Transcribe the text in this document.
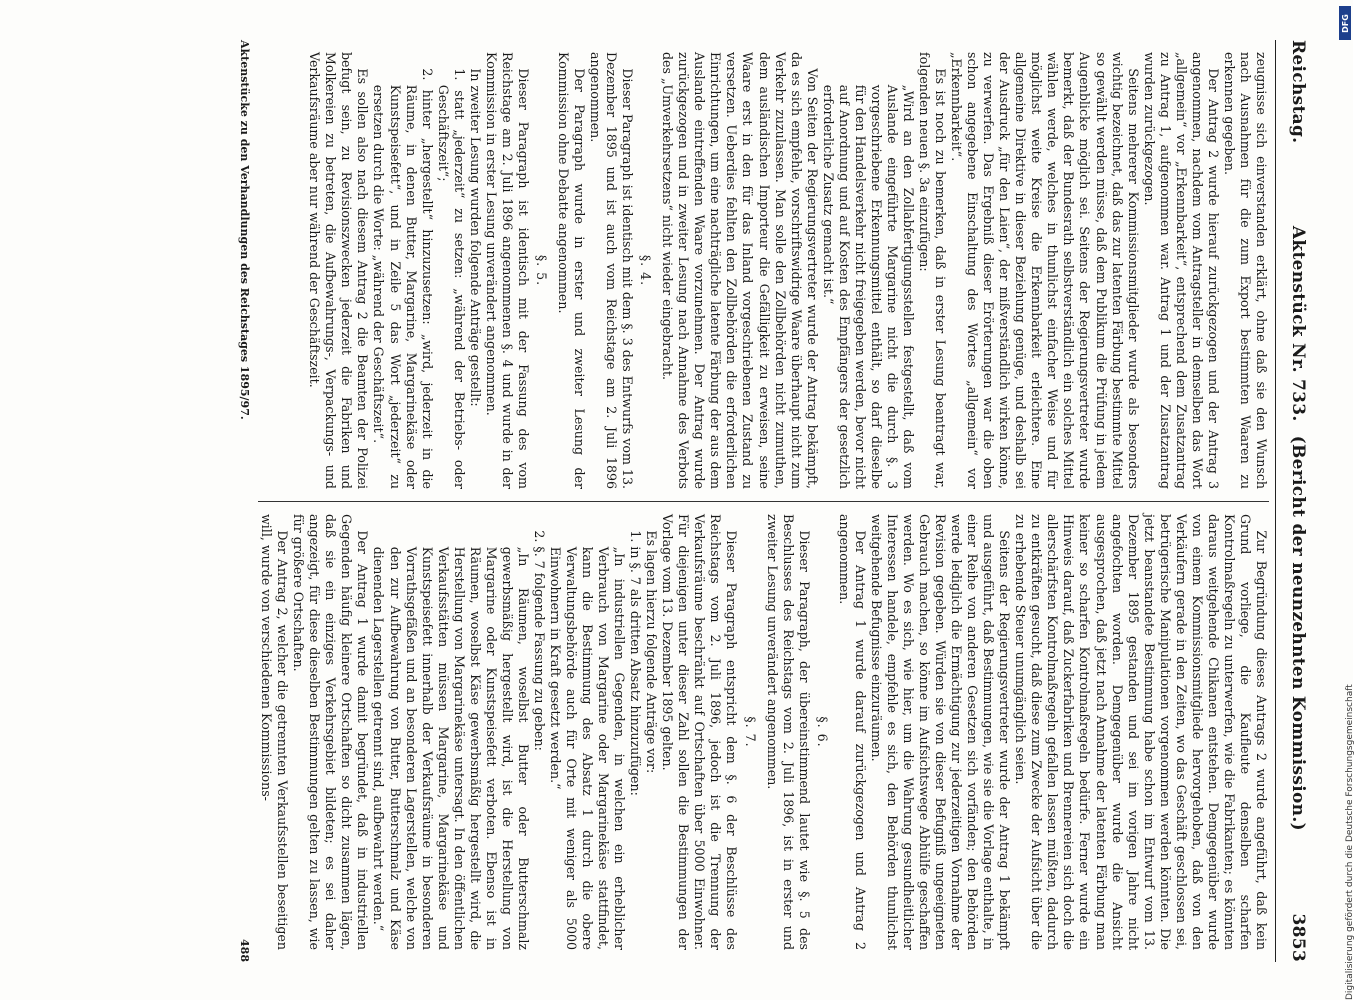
Reichstag.
Aktenstück Nr. 733.
(Bericht der neunzehnten Kommission.)
3853

zeugnisse sich einverstanden erklärt, ohne daß sie den Wunsch nach Ausnahmen für die zum Export bestimmten Waaren zu erkennen gegeben.

Der Antrag 2 wurde hierauf zurückgezogen und der Antrag 3 angenommen, nachdem vom Antragsteller in demselben das Wort „allgemein“ vor „Erkennbarkeit“, entsprechend dem Zusatzantrag zu Antrag 1, aufgenommen war. Antrag 1 und der Zusatzantrag wurden zurückgezogen.

Seitens mehrerer Kommissionsmitglieder wurde als besonders wichtig bezeichnet, daß das zur latenten Färbung bestimmte Mittel so gewählt werden müsse, daß dem Publikum die Prüfung in jedem Augenblicke möglich sei. Seitens der Regierungsvertreter wurde bemerkt, daß der Bundesrath selbstverständlich ein solches Mittel wählen werde, welches in thunlichst einfacher Weise und für möglichst weite Kreise die Erkennbarkeit erleichtere. Eine allgemeine Direktive in dieser Beziehung genüge, und deshalb sei der Ausdruck „für den Laien“, der mißverständlich wirken könne, zu verwerfen. Das Ergebniß dieser Erörterungen war die oben schon angegebene Einschaltung des Wortes „allgemein“ vor „Erkennbarkeit“.

Es ist noch zu bemerken, daß in erster Lesung beantragt war, folgenden neuen §. 3a einzufügen:

„Wird an den Zollabfertigungsstellen festgestellt, daß vom Auslande eingeführte Margarine nicht die durch §. 3 vorgeschriebene Erkennungsmittel enthält, so darf dieselbe für den Handelsverkehr nicht freigegeben werden, bevor nicht auf Anordnung und auf Kosten des Empfängers der gesetzlich erforderliche Zusatz gemacht ist.“

Von Seiten der Regierungsvertreter wurde der Antrag bekämpft, da es sich empfehle, vorschriftswidrige Waare überhaupt nicht zum Verkehr zuzulassen. Man solle den Zollbehörden nicht zumuthen, dem ausländischen Importeur die Gefälligkeit zu erweisen, seine Waare erst in den für das Inland vorgeschriebenen Zustand zu versetzen. Ueberdies fehlten den Zollbehörden die erforderlichen Einrichtungen, um eine nachträgliche latente Färbung der aus dem Auslande eintreffenden Waare vorzunehmen. Der Antrag wurde zurückgezogen und in zweiter Lesung nach Annahme des Verbots des „Umverkehrsetzens“ nicht wieder eingebracht.

§. 4.

Dieser Paragraph ist identisch mit dem §. 3 des Entwurfs vom 13. Dezember 1895 und ist auch vom Reichstage am 2. Juli 1896 angenommen.

Der Paragraph wurde in erster und zweiter Lesung der Kommission ohne Debatte angenommen.

§. 5.

Dieser Paragraph ist identisch mit der Fassung des vom Reichstage am 2. Juli 1896 angenommenen §. 4 und wurde in der Kommission in erster Lesung unverändert angenommen.

In zweiter Lesung wurden folgende Anträge gestellt:

1. statt „jederzeit“ zu setzen: „während der Betriebs- oder Geschäftszeit“;

2. hinter „hergestellt“ hinzuzusetzen: „wird, jederzeit in die Räume, in denen Butter, Margarine, Margarinekäse oder Kunstspeisefett“, und in Zeile 5 das Wort „jederzeit“ zu ersetzen durch die Worte: „während der Geschäftszeit“.

Es sollen also nach diesem Antrag 2 die Beamten der Polizei befugt sein, zu Revisionszwecken jederzeit die Fabriken und Molkereien zu betreten, die Aufbewahrungs-, Verpackungs- und Verkaufsräume aber nur während der Geschäftszeit.

Zur Begründung dieses Antrags 2 wurde angeführt, daß kein Grund vorliege, die Kaufleute denselben scharfen Kontrolmaßregeln zu unterwerfen, wie die Fabrikanten; es könnten daraus weitgehende Chikanen entstehen. Demgegenüber wurde von einem Kommissionsmitgliede hervorgehoben, daß von den Verkäufern gerade in den Zeiten, wo das Geschäft geschlossen sei, betrügerische Manipulationen vorgenommen werden könnten. Die jetzt beanstandete Bestimmung habe schon im Entwurf vom 13. Dezember 1895 gestanden und sei im vorigen Jahre nicht angefochten worden. Demgegenüber wurde die Ansicht ausgesprochen, daß jetzt nach Annahme der latenten Färbung man keiner so scharfen Kontrolmaßregeln bedürfe. Ferner wurde ein Hinweis darauf, daß Zuckerfabriken und Brennereien sich doch die allerschärfsten Kontrolmaßregeln gefallen lassen müßten, dadurch zu entkräften gesucht, daß diese zum Zwecke der Aufsicht über die zu erhebende Steuer unumgänglich seien.

Seitens der Regierungsvertreter wurde der Antrag 1 bekämpft und ausgeführt, daß Bestimmungen, wie sie die Vorlage enthalte, in einer Reihe von anderen Gesetzen sich vorfänden; den Behörden werde lediglich die Ermächtigung zur jederzeitigen Vornahme der Revision gegeben. Würden sie von dieser Befugniß ungeeigneten Gebrauch machen, so könne im Aufsichtswege Abhülfe geschaffen werden. Wo es sich, wie hier, um die Wahrung gesundheitlicher Interessen handele, empfehle es sich, den Behörden thunlichst weitgehende Befugnisse einzuräumen.

Der Antrag 1 wurde darauf zurückgezogen und Antrag 2 angenommen.

§. 6.

Dieser Paragraph, der übereinstimmend lautet wie §. 5 des Beschlusses des Reichstags vom 2. Juli 1896, ist in erster und zweiter Lesung unverändert angenommen.

§. 7.

Dieser Paragraph entspricht dem §. 6 der Beschlüsse des Reichstags vom 2. Juli 1896, jedoch ist die Trennung der Verkaufsräume beschränkt auf Ortschaften über 5000 Einwohner. Für diejenigen unter dieser Zahl sollen die Bestimmungen der Vorlage vom 13. Dezember 1895 gelten.

Es lagen hierzu folgende Anträge vor:

1. in §. 7 als dritten Absatz hinzuzufügen:

„In industriellen Gegenden, in welchen ein erheblicher Verbrauch von Margarine oder Margarinekäse stattfindet, kann die Bestimmung des Absatz 1 durch die obere Verwaltungsbehörde auch für Orte mit weniger als 5000 Einwohnern in Kraft gesetzt werden.“

2. §. 7 folgende Fassung zu geben:

„In Räumen, woselbst Butter oder Butterschmalz gewerbsmäßig hergestellt wird, ist die Herstellung von Margarine oder Kunstspeisefett verboten. Ebenso ist in Räumen, woselbst Käse gewerbsmäßig hergestellt wird, die Herstellung von Margarinekäse untersagt. In den öffentlichen Verkaufsstätten müssen Margarine, Margarinekäse und Kunstspeisefett innerhalb der Verkaufsräume in besonderen Vorrathsgefäßen und an besonderen Lagerstellen, welche von den zur Aufbewahrung von Butter, Butterschmalz und Käse dienenden Lagerstellen getrennt sind, aufbewahrt werden.“

Der Antrag 1 wurde damit begründet, daß in industriellen Gegenden häufig kleinere Ortschaften so dicht zusammen lägen, daß sie ein einziges Verkehrsgebiet bildeten; es sei daher angezeigt, für diese dieselben Bestimmungen gelten zu lassen, wie für größere Ortschaften.

Der Antrag 2, welcher die getrennten Verkaufsstellen beseitigen will, wurde von verschiedenen Kommissions-

Aktenstücke zu den Verhandlungen des Reichstages 1895/97.
488
DFG
Digitalisierung gefördert durch die Deutsche Forschungsgemeinschaft
